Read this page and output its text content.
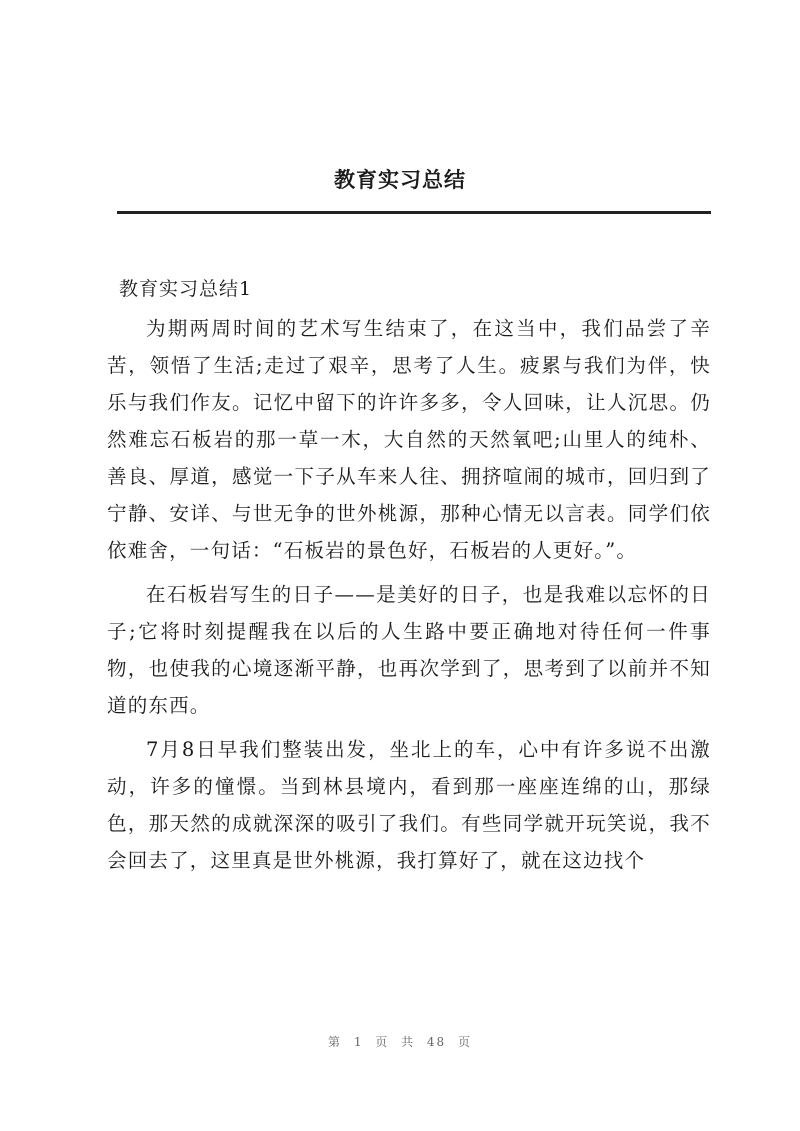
教育实习总结
教育实习总结1

为期两周时间的艺术写生结束了，在这当中，我们品尝了辛苦，领悟了生活;走过了艰辛，思考了人生。疲累与我们为伴，快乐与我们作友。记忆中留下的许许多多，令人回味，让人沉思。仍然难忘石板岩的那一草一木，大自然的天然氧吧;山里人的纯朴、善良、厚道，感觉一下子从车来人往、拥挤喧闹的城市，回归到了宁静、安详、与世无争的世外桃源，那种心情无以言表。同学们依依难舍，一句话：“石板岩的景色好，石板岩的人更好。”。

在石板岩写生的日子——是美好的日子，也是我难以忘怀的日子;它将时刻提醒我在以后的人生路中要正确地对待任何一件事物，也使我的心境逐渐平静，也再次学到了，思考到了以前并不知道的东西。

7月8日早我们整装出发，坐北上的车，心中有许多说不出激动，许多的憧憬。当到林县境内，看到那一座座连绵的山，那绿色，那天然的成就深深的吸引了我们。有些同学就开玩笑说，我不会回去了，这里真是世外桃源，我打算好了，就在这边找个

第 1 页 共 48 页
